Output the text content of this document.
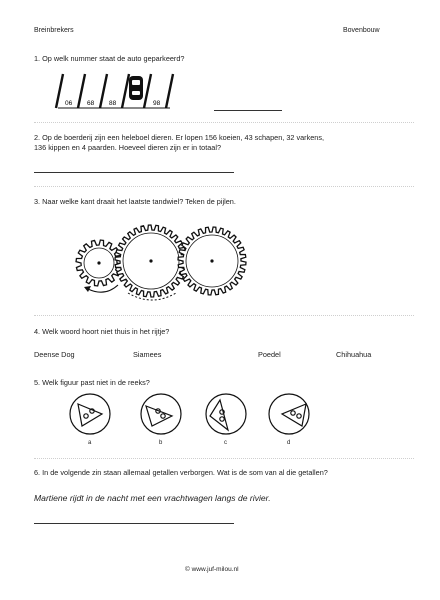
Breinbrekers	Bovenbouw
1. Op welk nummer staat de auto geparkeerd?
06 68 88	98
2. Op de boerderij zijn een heleboel dieren. Er lopen 156 koeien, 43 schapen, 32 varkens,
136 kippen en 4 paarden. Hoeveel dieren zijn er in totaal?
3. Naar welke kant draait het laatste tandwiel? Teken de pijlen.
4. Welk woord hoort niet thuis in het rijtje?
Deense Dog	Siamees	Poedel	Chihuahua
5. Welk figuur past niet in de reeks?
a	b	c	d
6. In de volgende zin staan allemaal getallen verborgen. Wat is de som van al die getallen?
Martiene rijdt in de nacht met een vrachtwagen langs de rivier.
© www.juf-milou.nl
